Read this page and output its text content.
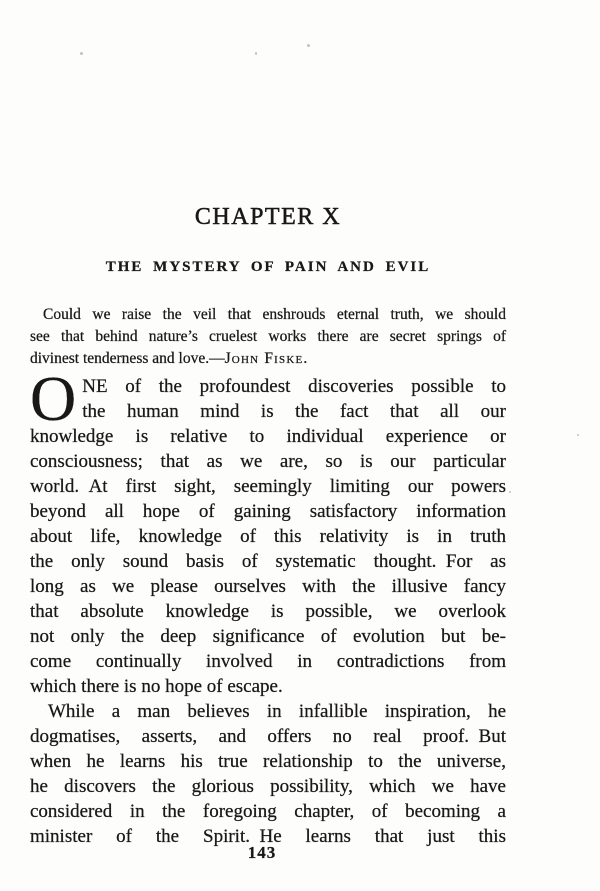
CHAPTER X
THE MYSTERY OF PAIN AND EVIL
Could we raise the veil that enshrouds eternal truth, we should
see that behind nature’s cruelest works there are secret springs of
divinest tenderness and love.—John Fiske.
O NE of the profoundest discoveries possible to
the human mind is the fact that all our
knowledge is relative to individual experience or
consciousness; that as we are, so is our particular
world. At first sight, seemingly limiting our powers
beyond all hope of gaining satisfactory information
about life, knowledge of this relativity is in truth
the only sound basis of systematic thought. For as
long as we please ourselves with the illusive fancy
that absolute knowledge is possible, we overlook
not only the deep significance of evolution but be-
come continually involved in contradictions from
which there is no hope of escape.
While a man believes in infallible inspiration, he
dogmatises, asserts, and offers no real proof. But
when he learns his true relationship to the universe,
he discovers the glorious possibility, which we have
considered in the foregoing chapter, of becoming a
minister of the Spirit. He learns that just this
143
